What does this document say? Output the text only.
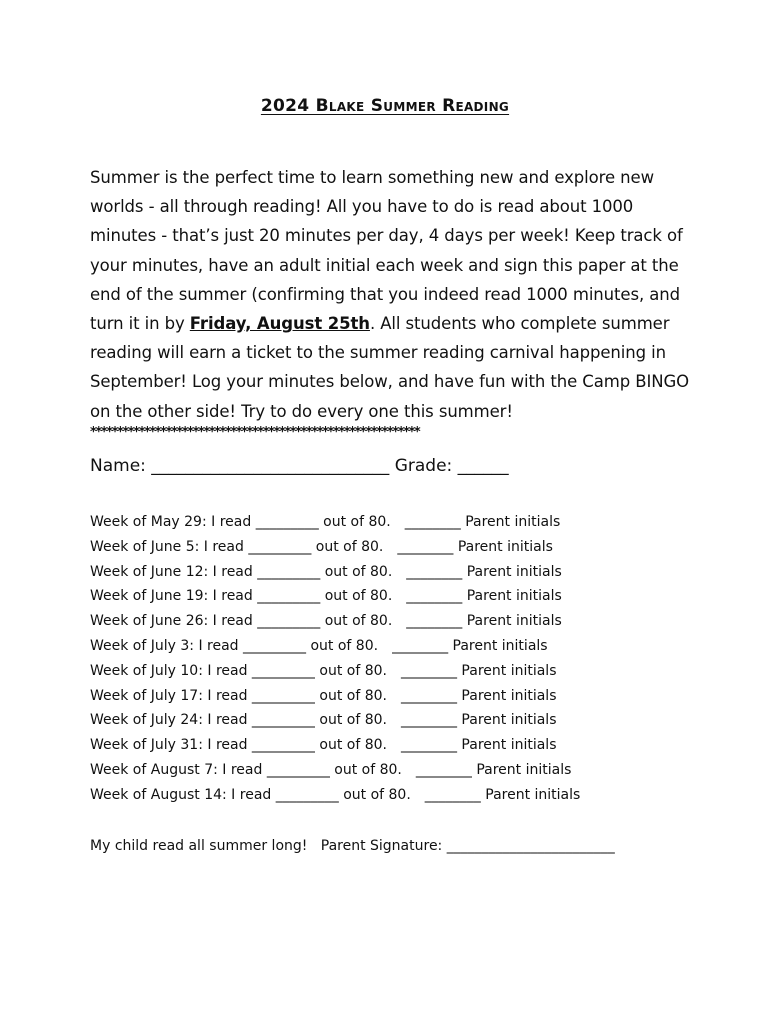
2024 Blake Summer Reading
Summer is the perfect time to learn something new and explore new worlds - all through reading! All you have to do is read about 1000 minutes - that’s just 20 minutes per day, 4 days per week! Keep track of your minutes, have an adult initial each week and sign this paper at the end of the summer (confirming that you indeed read 1000 minutes, and turn it in by Friday, August 25th. All students who complete summer reading will earn a ticket to the summer reading carnival happening in September! Log your minutes below, and have fun with the Camp BINGO on the other side! Try to do every one this summer!
*************************************************************
Name: ____________________________ Grade: ______
Week of May 29: I read _________ out of 80. ________ Parent initials
Week of June 5: I read _________ out of 80. ________ Parent initials
Week of June 12: I read _________ out of 80. ________ Parent initials
Week of June 19: I read _________ out of 80. ________ Parent initials
Week of June 26: I read _________ out of 80. ________ Parent initials
Week of July 3: I read _________ out of 80. ________ Parent initials
Week of July 10: I read _________ out of 80. ________ Parent initials
Week of July 17: I read _________ out of 80. ________ Parent initials
Week of July 24: I read _________ out of 80. ________ Parent initials
Week of July 31: I read _________ out of 80. ________ Parent initials
Week of August 7: I read _________ out of 80. ________ Parent initials
Week of August 14: I read _________ out of 80. ________ Parent initials
My child read all summer long! Parent Signature: ________________________
